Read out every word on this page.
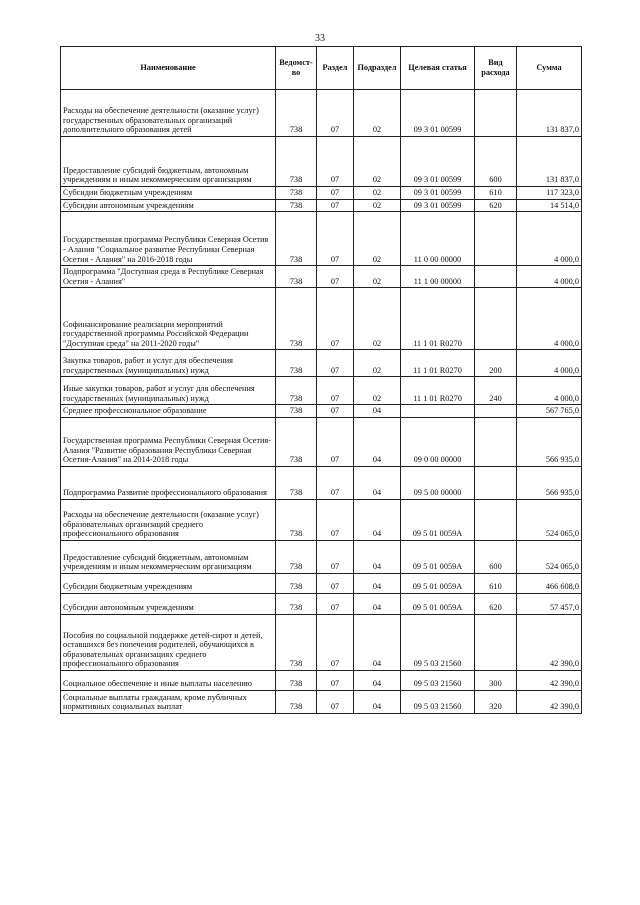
33
Наименование	Ведомст-во	Раздел	Подраздел	Целевая статья	Вид расхода	Сумма
Расходы на обеспечение деятельности (оказание услуг) государственных образовательных организаций дополнительного образования детей	738	07	02	09 3 01 00599		131 837,0
Предоставление субсидий бюджетным, автономным учреждениям и иным некоммерческим организациям	738	07	02	09 3 01 00599	600	131 837,0
Субсидии бюджетным учреждениям	738	07	02	09 3 01 00599	610	117 323,0
Субсидии автономным учреждениям	738	07	02	09 3 01 00599	620	14 514,0
Государственная программа Республики Северная Осетия - Алания "Социальное развитие Республики Северная Осетия - Алания" на 2016-2018 годы	738	07	02	11 0 00 00000		4 000,0
Подпрограмма "Доступная среда в Республике Северная Осетия - Алания"	738	07	02	11 1 00 00000		4 000,0
Софинансирование реализации мероприятий государственной программы Российской Федерации "Доступная среда" на 2011-2020 годы"	738	07	02	11 1 01 R0270		4 000,0
Закупка товаров, работ и услуг для обеспечения государственных (муниципальных) нужд	738	07	02	11 1 01 R0270	200	4 000,0
Иные закупки товаров, работ и услуг для обеспечения государственных (муниципальных) нужд	738	07	02	11 1 01 R0270	240	4 000,0
Среднее профессиональное образование	738	07	04			567 765,0
Государственная программа Республики Северная Осетия-Алания "Развитие образования Республики Северная Осетия-Алания" на 2014-2018 годы	738	07	04	09 0 00 00000		566 935,0
Подпрограмма Развитие профессионального образования	738	07	04	09 5 00 00000		566 935,0
Расходы на обеспечение деятельности (оказание услуг) образовательных организаций среднего профессионального образования	738	07	04	09 5 01 0059А		524 065,0
Предоставление субсидий бюджетным, автономным учреждениям и иным некоммерческим организациям	738	07	04	09 5 01 0059А	600	524 065,0
Субсидии бюджетным учреждениям	738	07	04	09 5 01 0059А	610	466 608,0
Субсидии автономным учреждениям	738	07	04	09 5 01 0059А	620	57 457,0
Пособия по социальной поддержке детей-сирот и детей, оставшихся без попечения родителей, обучающихся в образовательных организациях среднего профессионального образования	738	07	04	09 5 03 21560		42 390,0
Социальное обеспечение и иные выплаты населению	738	07	04	09 5 03 21560	300	42 390,0
Социальные выплаты гражданам, кроме публичных нормативных социальных выплат	738	07	04	09 5 03 21560	320	42 390,0
